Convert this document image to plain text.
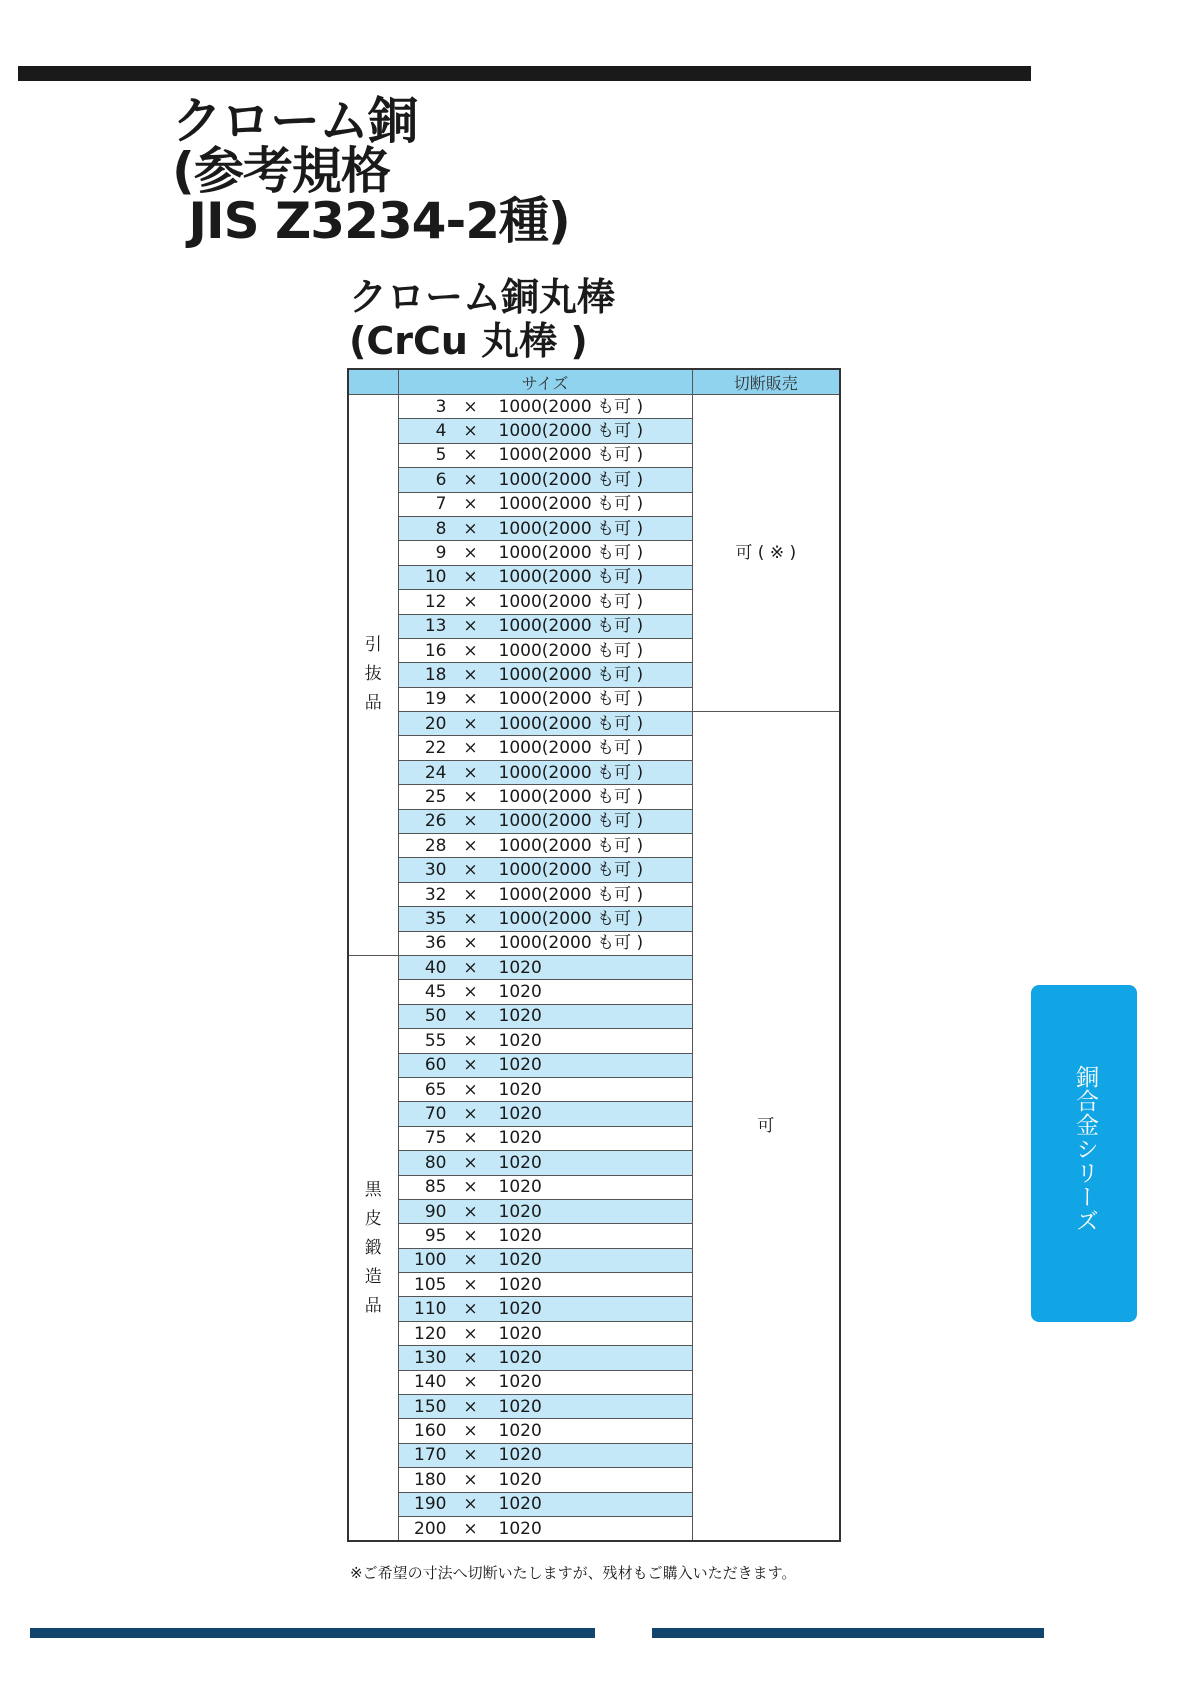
クローム銅
(参考規格
JIS Z3234-2種)
クローム銅丸棒
(CrCu 丸棒 )
	サイズ	切断販売
引抜品	3 × 1000(2000 も可 )	可 ( ※ )
	4 × 1000(2000 も可 )	
	5 × 1000(2000 も可 )	
	6 × 1000(2000 も可 )	
	7 × 1000(2000 も可 )	
	8 × 1000(2000 も可 )	
	9 × 1000(2000 も可 )	
	10 × 1000(2000 も可 )	
	12 × 1000(2000 も可 )	
	13 × 1000(2000 も可 )	
	16 × 1000(2000 も可 )	
	18 × 1000(2000 も可 )	
	19 × 1000(2000 も可 )	
	20 × 1000(2000 も可 )	可
	22 × 1000(2000 も可 )	
	24 × 1000(2000 も可 )	
	25 × 1000(2000 も可 )	
	26 × 1000(2000 も可 )	
	28 × 1000(2000 も可 )	
	30 × 1000(2000 も可 )	
	32 × 1000(2000 も可 )	
	35 × 1000(2000 も可 )	
	36 × 1000(2000 も可 )	
黒皮鍛造品	40 × 1020	
	45 × 1020	
	50 × 1020	
	55 × 1020	
	60 × 1020	
	65 × 1020	
	70 × 1020	
	75 × 1020	
	80 × 1020	
	85 × 1020	
	90 × 1020	
	95 × 1020	
	100 × 1020	
	105 × 1020	
	110 × 1020	
	120 × 1020	
	130 × 1020	
	140 × 1020	
	150 × 1020	
	160 × 1020	
	170 × 1020	
	180 × 1020	
	190 × 1020	
	200 × 1020	
※ご希望の寸法へ切断いたしますが、残材もご購入いただきます。
銅合金シリーズ
